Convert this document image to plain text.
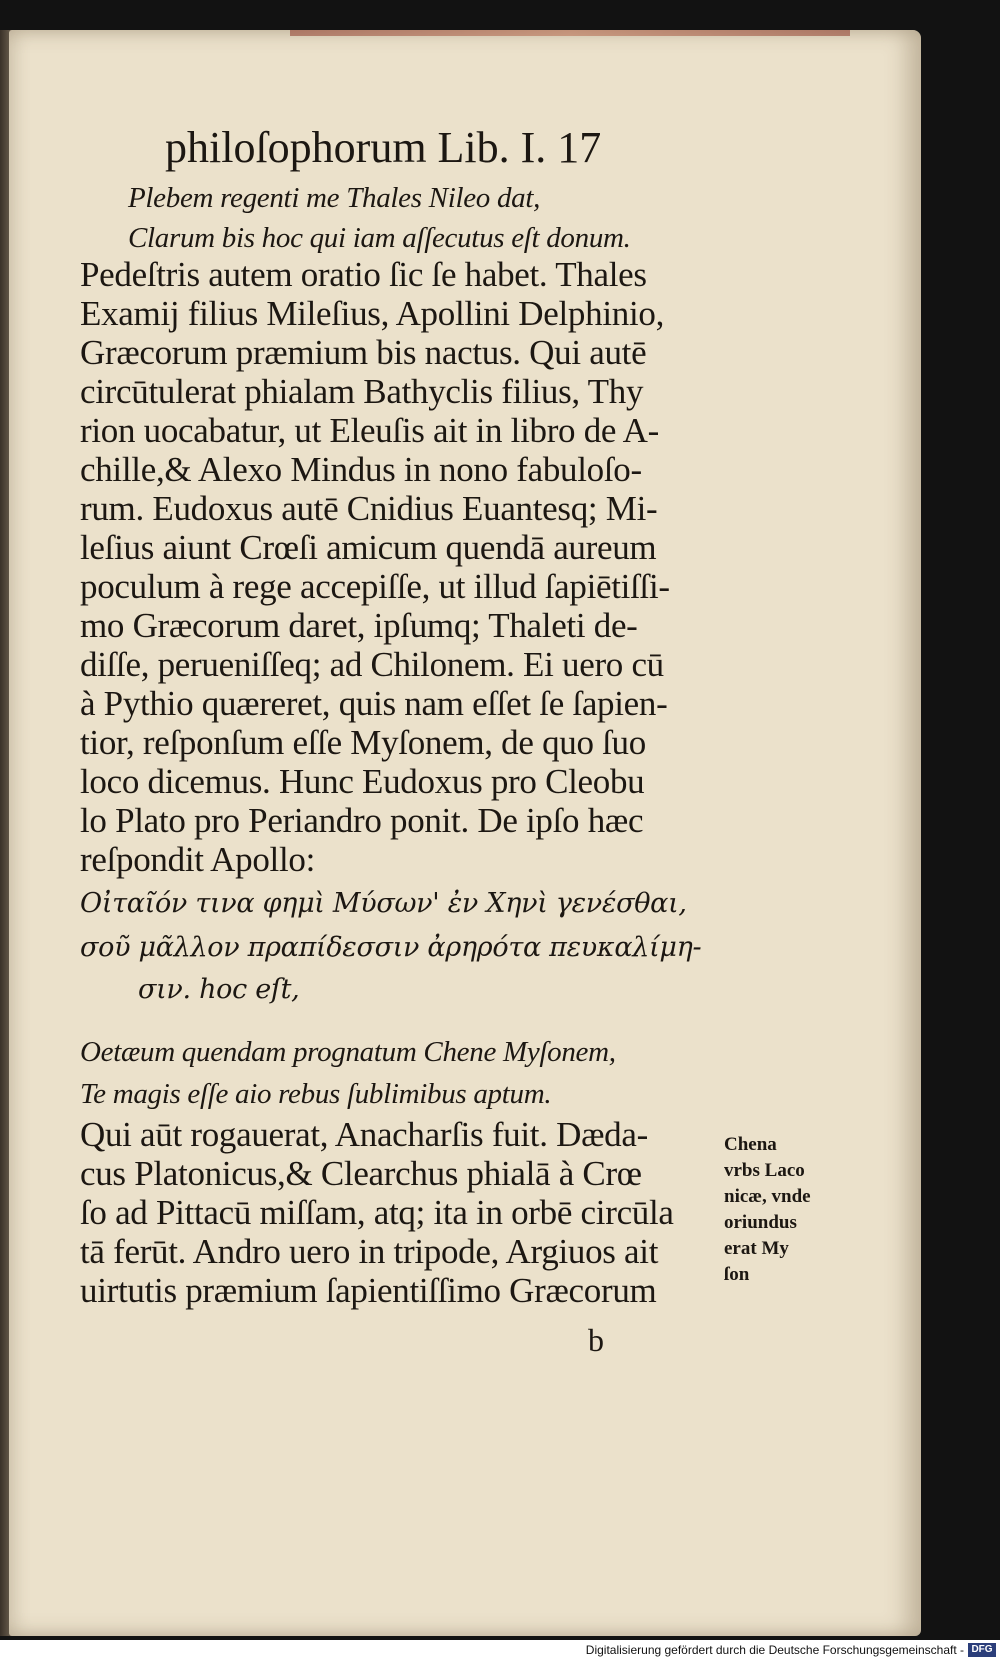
philoſophorum Lib. I. 17
Plebem regenti me Thales Nileo dat,
Clarum bis hoc qui iam aſſecutus eſt donum.
Pedeſtris autem oratio ſic ſe habet. Thales
Examij filius Mileſius, Apollini Delphinio,
Græcorum præmium bis nactus. Qui autē
circūtulerat phialam Bathyclis filius, Thy
rion uocabatur, ut Eleuſis ait in libro de A-
chille,& Alexo Mindus in nono fabuloſo-
rum. Eudoxus autē Cnidius Euantesq; Mi-
leſius aiunt Crœſi amicum quendā aureum
poculum à rege accepiſſe, ut illud ſapiētiſſi-
mo Græcorum daret, ipſumq; Thaleti de-
diſſe, perueniſſeq; ad Chilonem. Ei uero cū
à Pythio quæreret, quis nam eſſet ſe ſapien-
tior, reſponſum eſſe Myſonem, de quo ſuo
loco dicemus. Hunc Eudoxus pro Cleobu
lo Plato pro Periandro ponit. De ipſo hæc
reſpondit Apollo:
Οἰταῖόν τινα φημὶ Μύσων' ἐν Χηνὶ γενέσθαι,
σοῦ μᾶλλον πραπίδεσσιν ἀρηρότα πευκαλίμη-
σιν. hoc eſt,
Oetæum quendam prognatum Chene Myſonem,
Te magis eſſe aio rebus ſublimibus aptum.
Qui aūt rogauerat, Anacharſis fuit. Dæda-
cus Platonicus,& Clearchus phialā à Crœ
ſo ad Pittacū miſſam, atq; ita in orbē circūla
tā ferūt. Andro uero in tripode, Argiuos ait
uirtutis præmium ſapientiſſimo Græcorum
b
Chena
vrbs Laco
nicæ, vnde
oriundus
erat My
ſon
Digitalisierung gefördert durch die Deutsche Forschungsgemeinschaft - DFG
